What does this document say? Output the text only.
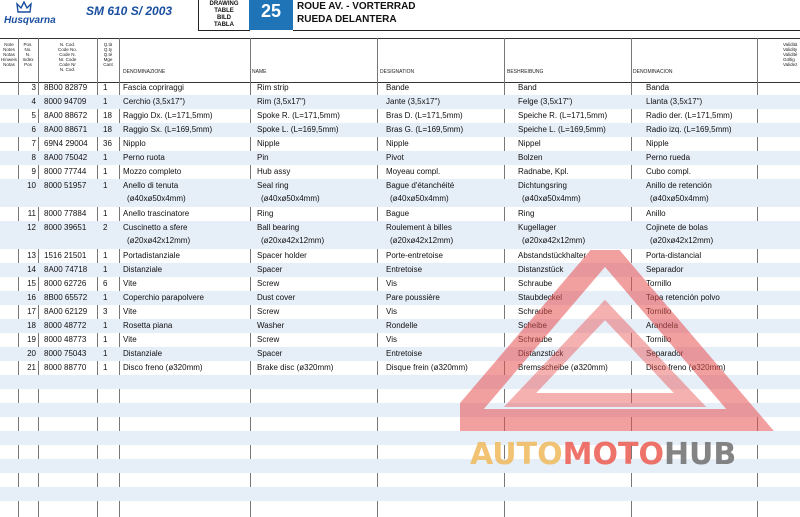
Husqvarna
SM 610 S/ 2003	DRAWING
TABLE
BILD
TABLA
25	ROUE AV. - VORTERRAD
RUEDA DELANTERA
Note
Notes
Notas
Hinweis
Notas
Pos.
No.
N.
Index
Pos
N. Cod.
Code No.
Code N.
Nr. Code
Code Nr
N. Cod.
Q.tà
Q.ty
Q.té
Mge
Cant
DENOMINAZIONE	NAME	DESIGNATION	BESHREIBUNG	DENOMINACION
Validità
Validity
Validité
Gültig
Validez
3 8B00 82879 1 Fascia copriraggi	Rim strip	Bande	Band	Banda
4 8000 94709 1 Cerchio (3,5x17")	Rim (3,5x17")	Jante (3,5x17")	Felge (3,5x17")	Llanta (3,5x17")
5 8A00 88672 18 Raggio Dx. (L=171,5mm)	Spoke R. (L=171,5mm)	Bras D. (L=171,5mm)	Speiche R. (L=171,5mm)	Radio der. (L=171,5mm)
6 8A00 88671 18 Raggio Sx. (L=169,5mm)	Spoke L. (L=169,5mm)	Bras G. (L=169,5mm)	Speiche L. (L=169,5mm)	Radio izq. (L=169,5mm)
7 69N4 29004 36 Nipplo	Nipple	Nipple	Nippel	Nipple
8 8A00 75042 1 Perno ruota	Pin	Pivot	Bolzen	Perno rueda
9 8000 77744 1 Mozzo completo	Hub assy	Moyeau compl.	Radnabe, Kpl.	Cubo compl.
10 8000 51957 1 Anello di tenuta	Seal ring	Bague d'étanchéité	Dichtungsring	Anillo de retención
(ø40xø50x4mm)	(ø40xø50x4mm)	(ø40xø50x4mm)	(ø40xø50x4mm)	(ø40xø50x4mm)
11 8000 77884 1 Anello trascinatore	Ring	Bague	Ring	Anillo
12 8000 39651 2 Cuscinetto a sfere	Ball bearing	Roulement à billes	Kugellager	Cojinete de bolas
(ø20xø42x12mm)	(ø20xø42x12mm)	(ø20xø42x12mm)	(ø20xø42x12mm)	(ø20xø42x12mm)
13 1516 21501 1 Portadistanziale	Spacer holder	Porte-entretoise	Abstandstückhalter	Porta-distancial
14 8A00 74718 1 Distanziale	Spacer	Entretoise	Distanzstück	Separador
15 8000 62726 6 Vite	Screw	Vis	Schraube	Tornillo
16 8B00 65572 1 Coperchio parapolvere	Dust cover	Pare poussière	Staubdeckel	Tapa retención polvo
17 8A00 62129 3 Vite	Screw	Vis	Schraube	Tornillo
18 8000 48772 1 Rosetta piana	Washer	Rondelle	Scheibe	Arandela
19 8000 48773 1 Vite	Screw	Vis	Schraube	Tornillo
20 8000 75043 1 Distanziale	Spacer	Entretoise	Distanzstück	Separador
21 8000 88770 1 Disco freno (ø320mm)	Brake disc (ø320mm)	Disque frein (ø320mm)	Bremsscheibe (ø320mm)	Disco freno (ø320mm)
AUTOMOTOHUB
